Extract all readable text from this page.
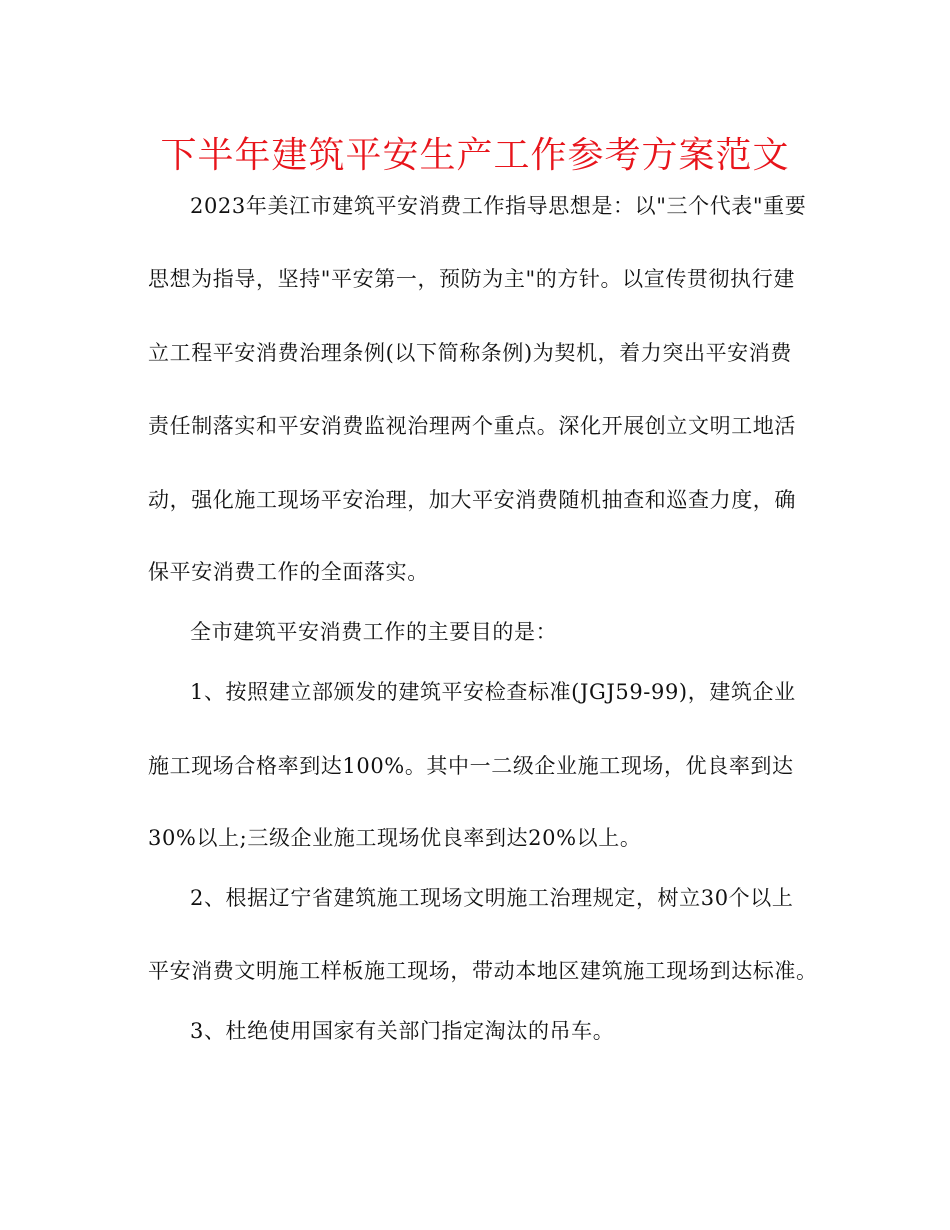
下半年建筑平安生产工作参考方案范文

2023年美江市建筑平安消费工作指导思想是：以"三个代表"重要

思想为指导，坚持"平安第一，预防为主"的方针。以宣传贯彻执行建

立工程平安消费治理条例(以下简称条例)为契机，着力突出平安消费

责任制落实和平安消费监视治理两个重点。深化开展创立文明工地活

动，强化施工现场平安治理，加大平安消费随机抽查和巡查力度，确

保平安消费工作的全面落实。

全市建筑平安消费工作的主要目的是：

1、按照建立部颁发的建筑平安检查标准(JGJ59-99)，建筑企业

施工现场合格率到达100%。其中一二级企业施工现场，优良率到达

30%以上;三级企业施工现场优良率到达20%以上。

2、根据辽宁省建筑施工现场文明施工治理规定，树立30个以上

平安消费文明施工样板施工现场，带动本地区建筑施工现场到达标准。

3、杜绝使用国家有关部门指定淘汰的吊车。
